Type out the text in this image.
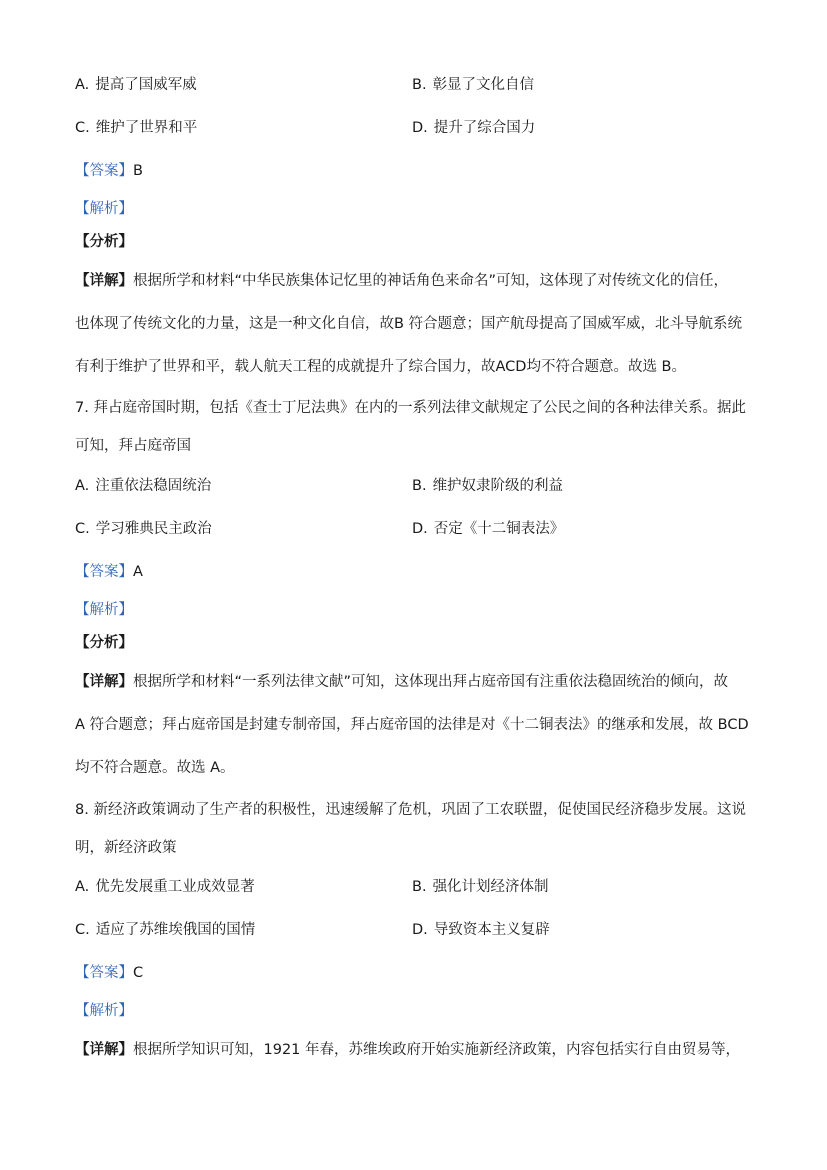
A. 提高了国威军威	B. 彰显了文化自信
C. 维护了世界和平	D. 提升了综合国力
【答案】B
【解析】
【分析】
【详解】根据所学和材料“中华民族集体记忆里的神话角色来命名”可知，这体现了对传统文化的信任，
也体现了传统文化的力量，这是一种文化自信，故B 符合题意；国产航母提高了国威军威，北斗导航系统
有利于维护了世界和平，载人航天工程的成就提升了综合国力，故ACD均不符合题意。故选 B。
7. 拜占庭帝国时期，包括《查士丁尼法典》在内的一系列法律文献规定了公民之间的各种法律关系。据此
可知，拜占庭帝国
A. 注重依法稳固统治	B. 维护奴隶阶级的利益
C. 学习雅典民主政治	D. 否定《十二铜表法》
【答案】A
【解析】
【分析】
【详解】根据所学和材料“一系列法律文献”可知，这体现出拜占庭帝国有注重依法稳固统治的倾向，故
A 符合题意；拜占庭帝国是封建专制帝国，拜占庭帝国的法律是对《十二铜表法》的继承和发展，故 BCD
均不符合题意。故选 A。
8. 新经济政策调动了生产者的积极性，迅速缓解了危机，巩固了工农联盟，促使国民经济稳步发展。这说
明，新经济政策
A. 优先发展重工业成效显著	B. 强化计划经济体制
C. 适应了苏维埃俄国的国情	D. 导致资本主义复辟
【答案】C
【解析】
【详解】根据所学知识可知，1921 年春，苏维埃政府开始实施新经济政策，内容包括实行自由贸易等，
